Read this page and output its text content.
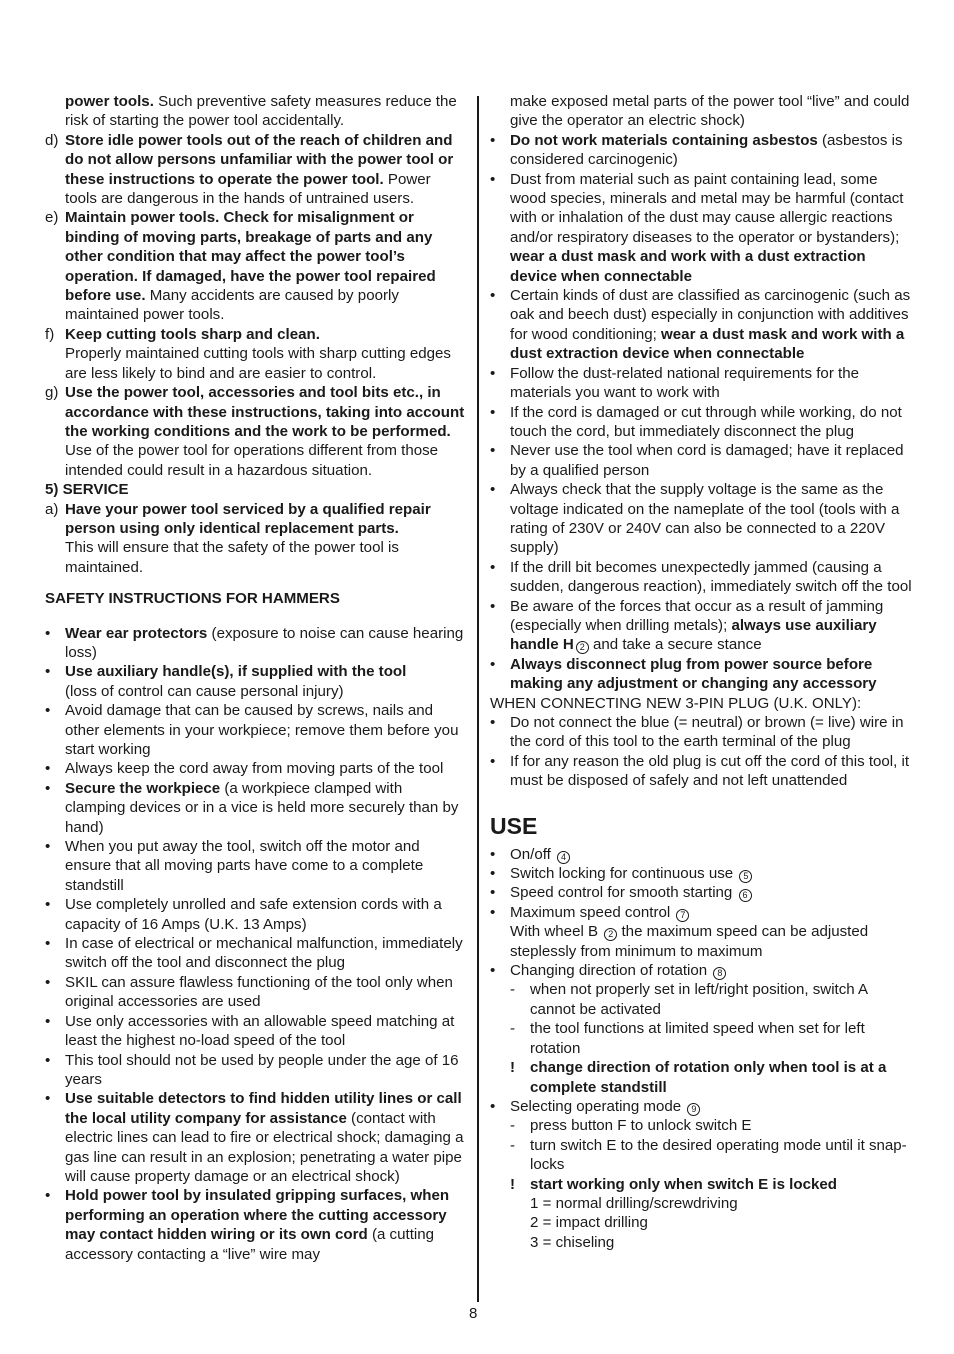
power tools. Such preventive safety measures reduce the risk of starting the power tool accidentally.
d) Store idle power tools out of the reach of children and do not allow persons unfamiliar with the power tool or these instructions to operate the power tool. Power tools are dangerous in the hands of untrained users.
e) Maintain power tools. Check for misalignment or binding of moving parts, breakage of parts and any other condition that may affect the power tool’s operation. If damaged, have the power tool repaired before use. Many accidents are caused by poorly maintained power tools.
f) Keep cutting tools sharp and clean.
Properly maintained cutting tools with sharp cutting edges are less likely to bind and are easier to control.
g) Use the power tool, accessories and tool bits etc., in accordance with these instructions, taking into account the working conditions and the work to be performed. Use of the power tool for operations different from those intended could result in a hazardous situation.
5) SERVICE
a) Have your power tool serviced by a qualified repair person using only identical replacement parts.
This will ensure that the safety of the power tool is maintained.
SAFETY INSTRUCTIONS FOR HAMMERS
• Wear ear protectors (exposure to noise can cause hearing loss)
• Use auxiliary handle(s), if supplied with the tool
(loss of control can cause personal injury)
• Avoid damage that can be caused by screws, nails and other elements in your workpiece; remove them before you start working
• Always keep the cord away from moving parts of the tool
• Secure the workpiece (a workpiece clamped with clamping devices or in a vice is held more securely than by hand)
• When you put away the tool, switch off the motor and ensure that all moving parts have come to a complete standstill
• Use completely unrolled and safe extension cords with a capacity of 16 Amps (U.K. 13 Amps)
• In case of electrical or mechanical malfunction, immediately switch off the tool and disconnect the plug
• SKIL can assure flawless functioning of the tool only when original accessories are used
• Use only accessories with an allowable speed matching at least the highest no-load speed of the tool
• This tool should not be used by people under the age of 16 years
• Use suitable detectors to find hidden utility lines or call the local utility company for assistance (contact with electric lines can lead to fire or electrical shock; damaging a gas line can result in an explosion; penetrating a water pipe will cause property damage or an electrical shock)
• Hold power tool by insulated gripping surfaces, when performing an operation where the cutting accessory may contact hidden wiring or its own cord (a cutting accessory contacting a “live” wire may
make exposed metal parts of the power tool “live” and could give the operator an electric shock)
• Do not work materials containing asbestos (asbestos is considered carcinogenic)
• Dust from material such as paint containing lead, some wood species, minerals and metal may be harmful (contact with or inhalation of the dust may cause allergic reactions and/or respiratory diseases to the operator or bystanders); wear a dust mask and work with a dust extraction device when connectable
• Certain kinds of dust are classified as carcinogenic (such as oak and beech dust) especially in conjunction with additives for wood conditioning; wear a dust mask and work with a dust extraction device when connectable
• Follow the dust-related national requirements for the materials you want to work with
• If the cord is damaged or cut through while working, do not touch the cord, but immediately disconnect the plug
• Never use the tool when cord is damaged; have it replaced by a qualified person
• Always check that the supply voltage is the same as the voltage indicated on the nameplate of the tool (tools with a rating of 230V or 240V can also be connected to a 220V supply)
• If the drill bit becomes unexpectedly jammed (causing a sudden, dangerous reaction), immediately switch off the tool
• Be aware of the forces that occur as a result of jamming (especially when drilling metals); always use auxiliary handle H 2 and take a secure stance
• Always disconnect plug from power source before making any adjustment or changing any accessory
WHEN CONNECTING NEW 3-PIN PLUG (U.K. ONLY):
• Do not connect the blue (= neutral) or brown (= live) wire in the cord of this tool to the earth terminal of the plug
• If for any reason the old plug is cut off the cord of this tool, it must be disposed of safely and not left unattended
USE
• On/off 4
• Switch locking for continuous use 5
• Speed control for smooth starting 6
• Maximum speed control 7
With wheel B 2 the maximum speed can be adjusted steplessly from minimum to maximum
• Changing direction of rotation 8
- when not properly set in left/right position, switch A cannot be activated
- the tool functions at limited speed when set for left rotation
! change direction of rotation only when tool is at a complete standstill
• Selecting operating mode 9
- press button F to unlock switch E
- turn switch E to the desired operating mode until it snap-locks
! start working only when switch E is locked
1 = normal drilling/screwdriving
2 = impact drilling
3 = chiseling
8
